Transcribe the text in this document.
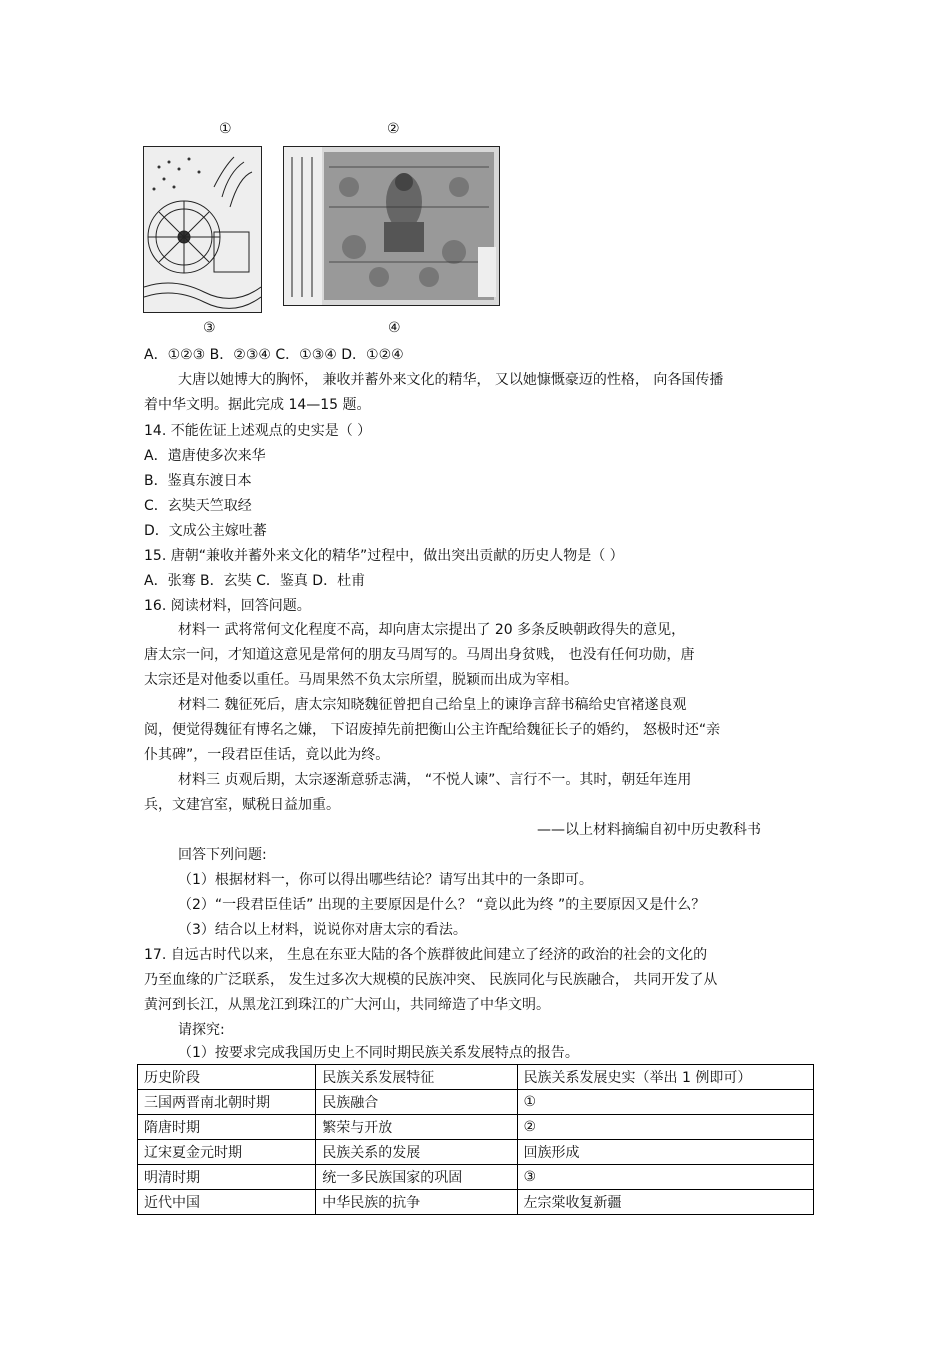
①	②
③	④
A．①②③ B．②③④ C．①③④ D．①②④
大唐以她博大的胸怀， 兼收并蓄外来文化的精华， 又以她慷慨豪迈的性格， 向各国传播
着中华文明。据此完成 14—15 题。
14. 不能佐证上述观点的史实是（ ）
A．遣唐使多次来华
B．鉴真东渡日本
C．玄奘天竺取经
D．文成公主嫁吐蕃
15. 唐朝“兼收并蓄外来文化的精华”过程中，做出突出贡献的历史人物是（ ）
A．张骞 B．玄奘 C．鉴真 D．杜甫
16. 阅读材料，回答问题。
材料一 武将常何文化程度不高，却向唐太宗提出了 20 多条反映朝政得失的意见，
唐太宗一问，才知道这意见是常何的朋友马周写的。马周出身贫贱， 也没有任何功勋，唐
太宗还是对他委以重任。马周果然不负太宗所望，脱颖而出成为宰相。
材料二 魏征死后，唐太宗知晓魏征曾把自己给皇上的谏诤言辞书稿给史官褚遂良观
阅，便觉得魏征有博名之嫌， 下诏废掉先前把衡山公主许配给魏征长子的婚约， 怒极时还“亲
仆其碑”，一段君臣佳话，竟以此为终。
材料三 贞观后期，太宗逐渐意骄志满， “不悦人谏”、言行不一。其时，朝廷年连用
兵，文建宫室，赋税日益加重。
——以上材料摘编自初中历史教科书
回答下列问题:
（1）根据材料一，你可以得出哪些结论？请写出其中的一条即可。
（2）“一段君臣佳话” 出现的主要原因是什么？ “竟以此为终 ”的主要原因又是什么？
（3）结合以上材料，说说你对唐太宗的看法。
17. 自远古时代以来， 生息在东亚大陆的各个族群彼此间建立了经济的政治的社会的文化的
乃至血缘的广泛联系， 发生过多次大规模的民族冲突、 民族同化与民族融合， 共同开发了从
黄河到长江，从黑龙江到珠江的广大河山，共同缔造了中华文明。
请探究:
（1）按要求完成我国历史上不同时期民族关系发展特点的报告。
历史阶段	民族关系发展特征	民族关系发展史实（举出 1 例即可）
三国两晋南北朝时期	民族融合	①
隋唐时期	繁荣与开放	②
辽宋夏金元时期	民族关系的发展	回族形成
明清时期	统一多民族国家的巩固	③
近代中国	中华民族的抗争	左宗棠收复新疆
